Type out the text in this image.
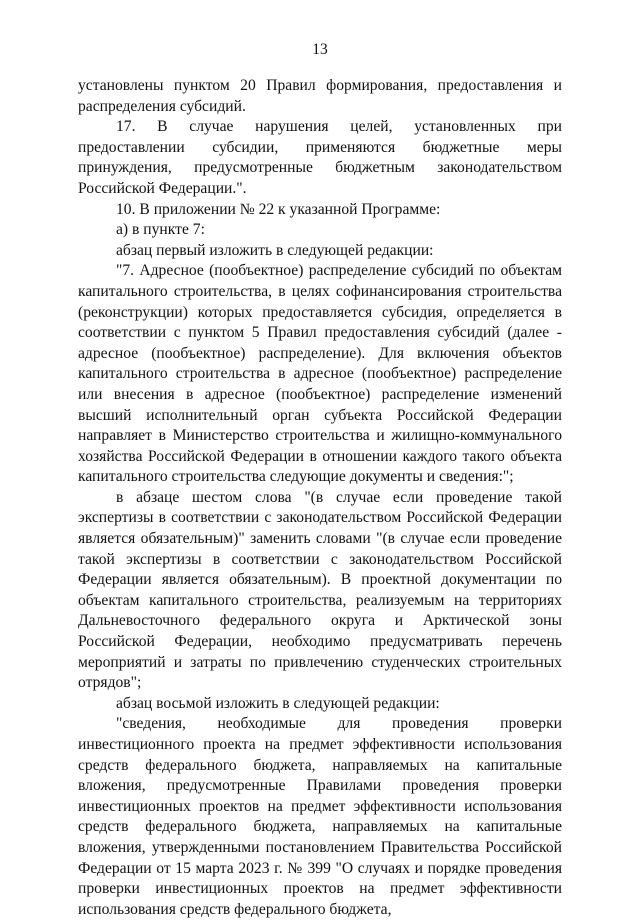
13

установлены пунктом 20 Правил формирования, предоставления и распределения субсидий.

17. В случае нарушения целей, установленных при предоставлении субсидии, применяются бюджетные меры принуждения, предусмотренные бюджетным законодательством Российской Федерации.".

10. В приложении № 22 к указанной Программе:

а) в пункте 7:

абзац первый изложить в следующей редакции:

"7. Адресное (пообъектное) распределение субсидий по объектам капитального строительства, в целях софинансирования строительства (реконструкции) которых предоставляется субсидия, определяется в соответствии с пунктом 5 Правил предоставления субсидий (далее - адресное (пообъектное) распределение). Для включения объектов капитального строительства в адресное (пообъектное) распределение или внесения в адресное (пообъектное) распределение изменений высший исполнительный орган субъекта Российской Федерации направляет в Министерство строительства и жилищно-коммунального хозяйства Российской Федерации в отношении каждого такого объекта капитального строительства следующие документы и сведения:";

в абзаце шестом слова "(в случае если проведение такой экспертизы в соответствии с законодательством Российской Федерации является обязательным)" заменить словами "(в случае если проведение такой экспертизы в соответствии с законодательством Российской Федерации является обязательным). В проектной документации по объектам капитального строительства, реализуемым на территориях Дальневосточного федерального округа и Арктической зоны Российской Федерации, необходимо предусматривать перечень мероприятий и затраты по привлечению студенческих строительных отрядов";

абзац восьмой изложить в следующей редакции:

"сведения, необходимые для проведения проверки инвестиционного проекта на предмет эффективности использования средств федерального бюджета, направляемых на капитальные вложения, предусмотренные Правилами проведения проверки инвестиционных проектов на предмет эффективности использования средств федерального бюджета, направляемых на капитальные вложения, утвержденными постановлением Правительства Российской Федерации от 15 марта 2023 г. № 399 "О случаях и порядке проведения проверки инвестиционных проектов на предмет эффективности использования средств федерального бюджета,
